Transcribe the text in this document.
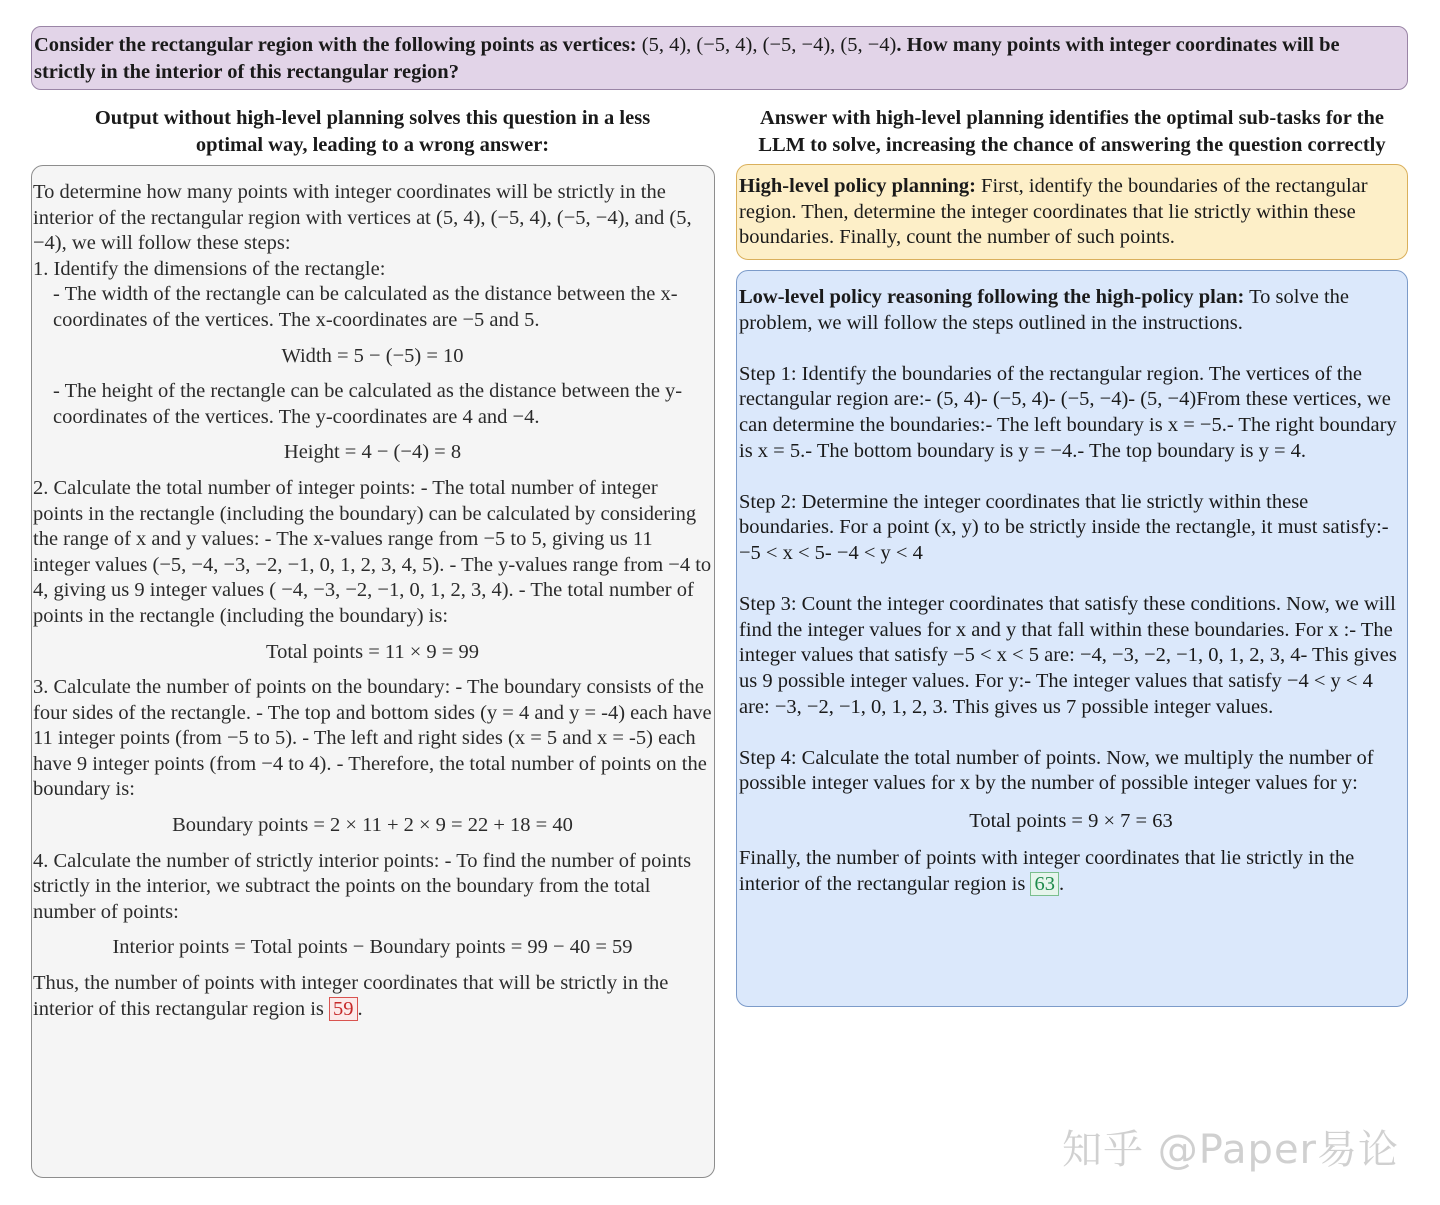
Consider the rectangular region with the following points as vertices: (5, 4), (−5, 4), (−5, −4), (5, −4). How many points with integer coordinates will be strictly in the interior of this rectangular region?
Output without high-level planning solves this question in a less optimal way, leading to a wrong answer:
Answer with high-level planning identifies the optimal sub-tasks for the LLM to solve, increasing the chance of answering the question correctly
To determine how many points with integer coordinates will be strictly in the interior of the rectangular region with vertices at (5, 4), (−5, 4), (−5, −4), and (5, −4), we will follow these steps:
1. Identify the dimensions of the rectangle:
- The width of the rectangle can be calculated as the distance between the x-coordinates of the vertices. The x-coordinates are −5 and 5.
Width = 5 − (−5) = 10
- The height of the rectangle can be calculated as the distance between the y-coordinates of the vertices. The y-coordinates are 4 and −4.
Height = 4 − (−4) = 8
2. Calculate the total number of integer points: - The total number of integer points in the rectangle (including the boundary) can be calculated by considering the range of x and y values: - The x-values range from −5 to 5, giving us 11 integer values (−5, −4, −3, −2, −1, 0, 1, 2, 3, 4, 5). - The y-values range from −4 to 4, giving us 9 integer values ( −4, −3, −2, −1, 0, 1, 2, 3, 4). - The total number of points in the rectangle (including the boundary) is:
Total points = 11 × 9 = 99
3. Calculate the number of points on the boundary: - The boundary consists of the four sides of the rectangle. - The top and bottom sides (y = 4 and y = -4) each have 11 integer points (from −5 to 5). - The left and right sides (x = 5 and x = -5) each have 9 integer points (from −4 to 4). - Therefore, the total number of points on the boundary is:
Boundary points = 2 × 11 + 2 × 9 = 22 + 18 = 40
4. Calculate the number of strictly interior points: - To find the number of points strictly in the interior, we subtract the points on the boundary from the total number of points:
Interior points = Total points − Boundary points = 99 − 40 = 59
Thus, the number of points with integer coordinates that will be strictly in the interior of this rectangular region is 59 .
High-level policy planning: First, identify the boundaries of the rectangular region. Then, determine the integer coordinates that lie strictly within these boundaries. Finally, count the number of such points.
Low-level policy reasoning following the high-policy plan: To solve the problem, we will follow the steps outlined in the instructions.
Step 1: Identify the boundaries of the rectangular region. The vertices of the rectangular region are:- (5, 4)- (−5, 4)- (−5, −4)- (5, −4)From these vertices, we can determine the boundaries:- The left boundary is x = −5.- The right boundary is x = 5.- The bottom boundary is y = −4.- The top boundary is y = 4.
Step 2: Determine the integer coordinates that lie strictly within these boundaries. For a point (x, y) to be strictly inside the rectangle, it must satisfy:- −5 < x < 5- −4 < y < 4
Step 3: Count the integer coordinates that satisfy these conditions. Now, we will find the integer values for x and y that fall within these boundaries. For x :- The integer values that satisfy −5 < x < 5 are: −4, −3, −2, −1, 0, 1, 2, 3, 4- This gives us 9 possible integer values. For y:- The integer values that satisfy −4 < y < 4 are: −3, −2, −1, 0, 1, 2, 3. This gives us 7 possible integer values.
Step 4: Calculate the total number of points. Now, we multiply the number of possible integer values for x by the number of possible integer values for y:
Total points = 9 × 7 = 63
Finally, the number of points with integer coordinates that lie strictly in the interior of the rectangular region is 63 .
知乎 @Paper易论
